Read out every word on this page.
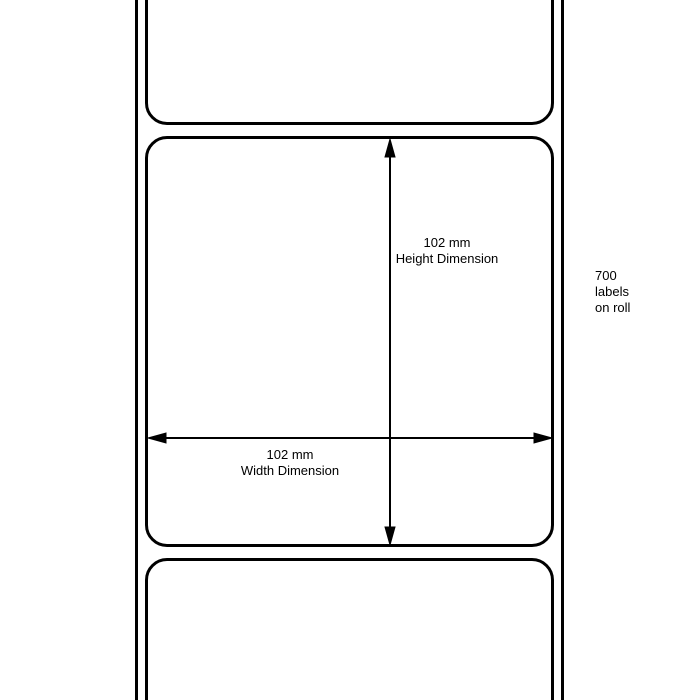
102 mm
Height Dimension
102 mm
Width Dimension
700
labels
on roll
